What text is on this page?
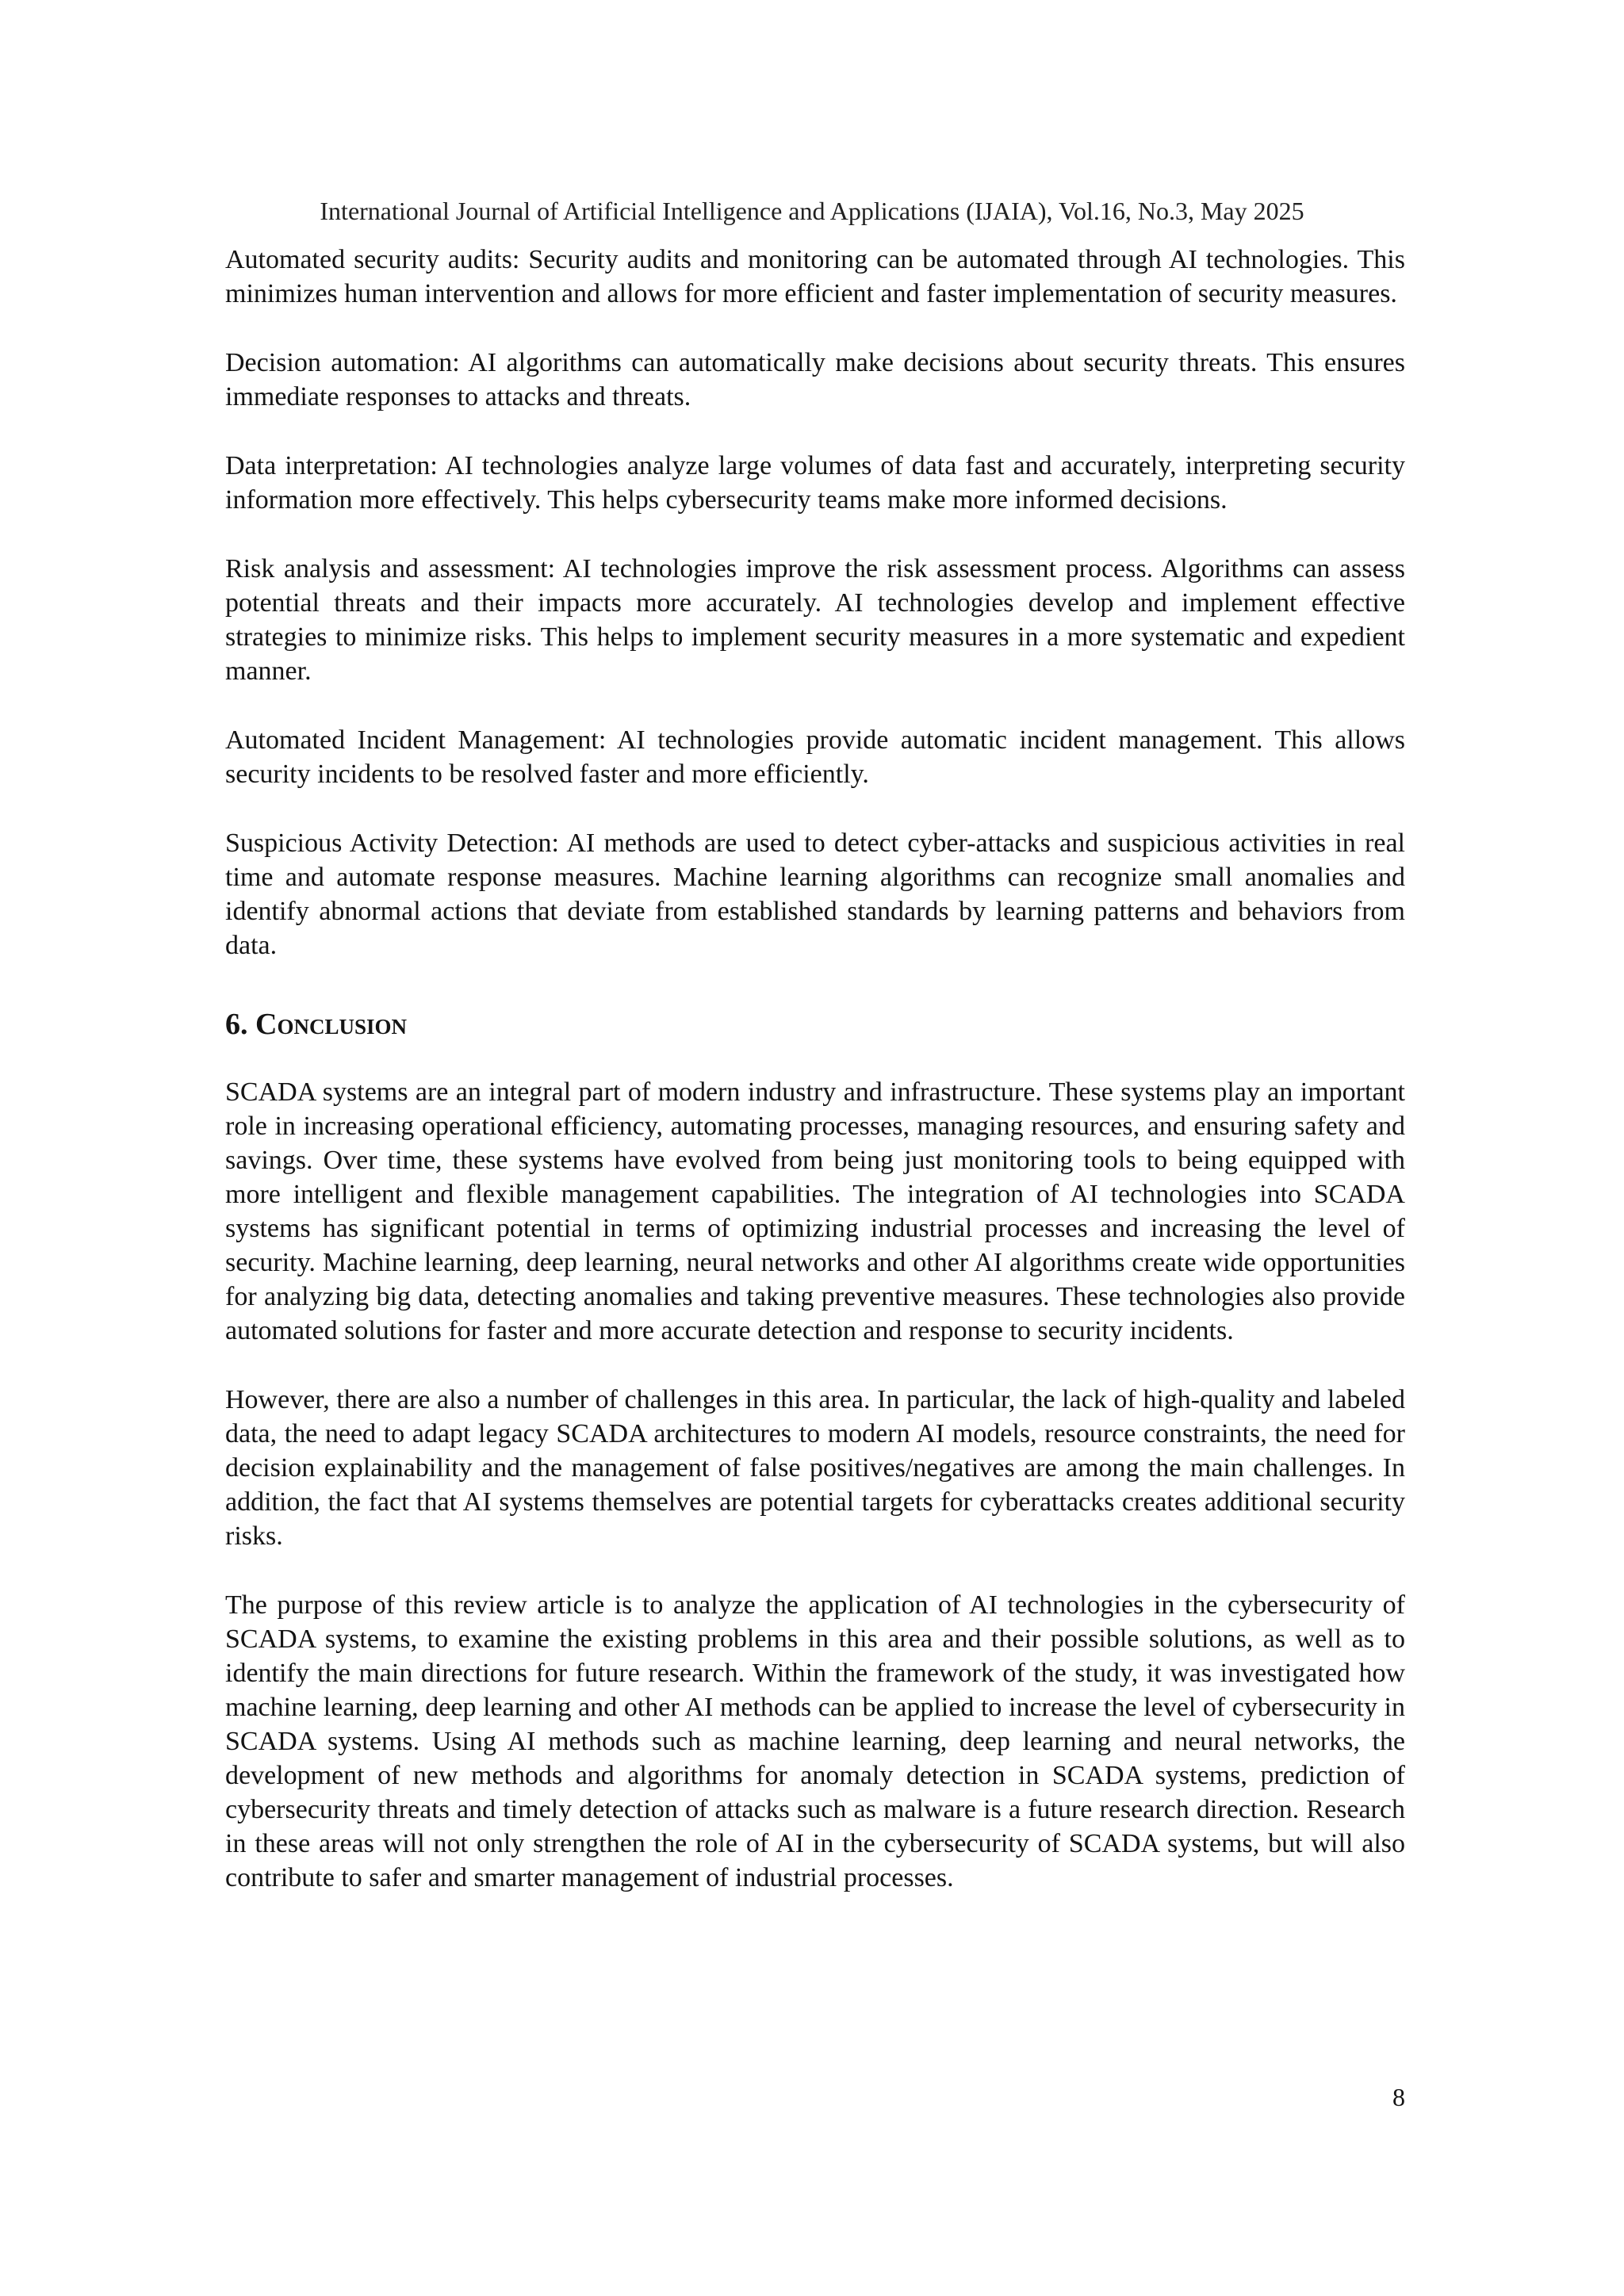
International Journal of Artificial Intelligence and Applications (IJAIA), Vol.16, No.3, May 2025

Automated security audits: Security audits and monitoring can be automated through AI technologies. This minimizes human intervention and allows for more efficient and faster implementation of security measures.

Decision automation: AI algorithms can automatically make decisions about security threats. This ensures immediate responses to attacks and threats.

Data interpretation: AI technologies analyze large volumes of data fast and accurately, interpreting security information more effectively. This helps cybersecurity teams make more informed decisions.

Risk analysis and assessment: AI technologies improve the risk assessment process. Algorithms can assess potential threats and their impacts more accurately. AI technologies develop and implement effective strategies to minimize risks. This helps to implement security measures in a more systematic and expedient manner.

Automated Incident Management: AI technologies provide automatic incident management. This allows security incidents to be resolved faster and more efficiently.

Suspicious Activity Detection: AI methods are used to detect cyber-attacks and suspicious activities in real time and automate response measures. Machine learning algorithms can recognize small anomalies and identify abnormal actions that deviate from established standards by learning patterns and behaviors from data.

6. Conclusion

SCADA systems are an integral part of modern industry and infrastructure. These systems play an important role in increasing operational efficiency, automating processes, managing resources, and ensuring safety and savings. Over time, these systems have evolved from being just monitoring tools to being equipped with more intelligent and flexible management capabilities. The integration of AI technologies into SCADA systems has significant potential in terms of optimizing industrial processes and increasing the level of security. Machine learning, deep learning, neural networks and other AI algorithms create wide opportunities for analyzing big data, detecting anomalies and taking preventive measures. These technologies also provide automated solutions for faster and more accurate detection and response to security incidents.

However, there are also a number of challenges in this area. In particular, the lack of high-quality and labeled data, the need to adapt legacy SCADA architectures to modern AI models, resource constraints, the need for decision explainability and the management of false positives/negatives are among the main challenges. In addition, the fact that AI systems themselves are potential targets for cyberattacks creates additional security risks.

The purpose of this review article is to analyze the application of AI technologies in the cybersecurity of SCADA systems, to examine the existing problems in this area and their possible solutions, as well as to identify the main directions for future research. Within the framework of the study, it was investigated how machine learning, deep learning and other AI methods can be applied to increase the level of cybersecurity in SCADA systems. Using AI methods such as machine learning, deep learning and neural networks, the development of new methods and algorithms for anomaly detection in SCADA systems, prediction of cybersecurity threats and timely detection of attacks such as malware is a future research direction. Research in these areas will not only strengthen the role of AI in the cybersecurity of SCADA systems, but will also contribute to safer and smarter management of industrial processes.

8
